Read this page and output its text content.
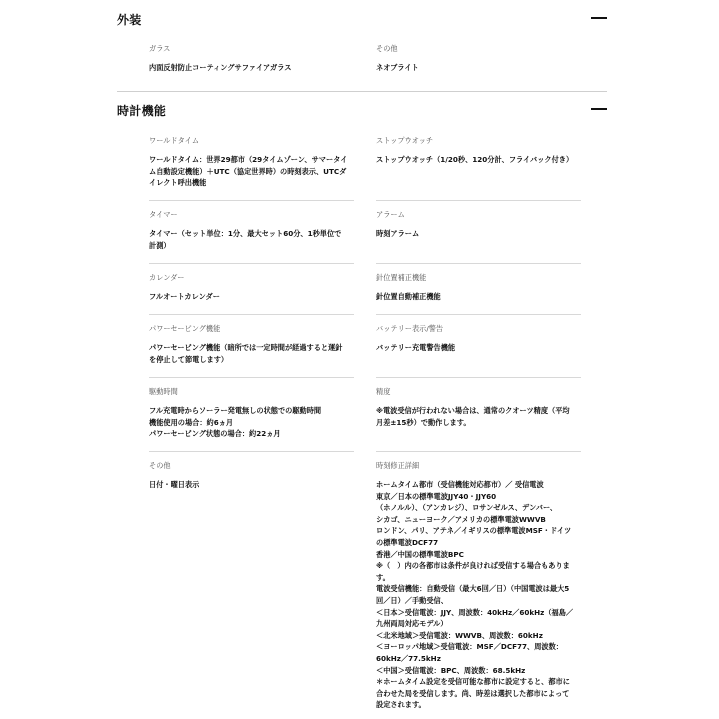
外装
ガラス
内面反射防止コーティングサファイアガラス
その他
ネオブライト
時計機能
ワールドタイム
ワールドタイム：世界29都市（29タイムゾーン、サマータイ
ム自動設定機能）＋UTC（協定世界時）の時刻表示、UTCダ
イレクト呼出機能
ストップウオッチ
ストップウオッチ（1/20秒、120分計、フライバック付き）
タイマー
タイマー（セット単位：1分、最大セット60分、1秒単位で
計測）
アラーム
時刻アラーム
カレンダー
フルオートカレンダー
針位置補正機能
針位置自動補正機能
パワーセービング機能
パワーセービング機能（暗所では一定時間が経過すると運針
を停止して節電します）
バッテリー表示/警告
バッテリー充電警告機能
駆動時間
フル充電時からソーラー発電無しの状態での駆動時間
機能使用の場合：約6ヵ月
パワーセービング状態の場合：約22ヵ月
精度
※電波受信が行われない場合は、通常のクオーツ精度（平均
月差±15秒）で動作します。
その他
日付・曜日表示
時刻修正詳細
ホームタイム都市（受信機能対応都市）／ 受信電波
東京／日本の標準電波JJY40・JJY60
（ホノルル）、（アンカレジ）、ロサンゼルス、デンバー、
シカゴ、ニューヨーク／アメリカの標準電波WWVB
ロンドン、パリ、アテネ／イギリスの標準電波MSF・ドイツ
の標準電波DCF77
香港／中国の標準電波BPC
※（　）内の各都市は条件が良ければ受信する場合もありま
す。
電波受信機能：自動受信（最大6回／日）（中国電波は最大5
回／日）／手動受信、
＜日本＞受信電波：JJY、周波数：40kHz／60kHz（福島／
九州両局対応モデル）
＜北米地域＞受信電波：WWVB、周波数：60kHz
＜ヨーロッパ地域＞受信電波：MSF／DCF77、周波数：
60kHz／77.5kHz
＜中国＞受信電波：BPC、周波数：68.5kHz
＊ホームタイム設定を受信可能な都市に設定すると、都市に
合わせた局を受信します。尚、時差は選択した都市によって
設定されます。
